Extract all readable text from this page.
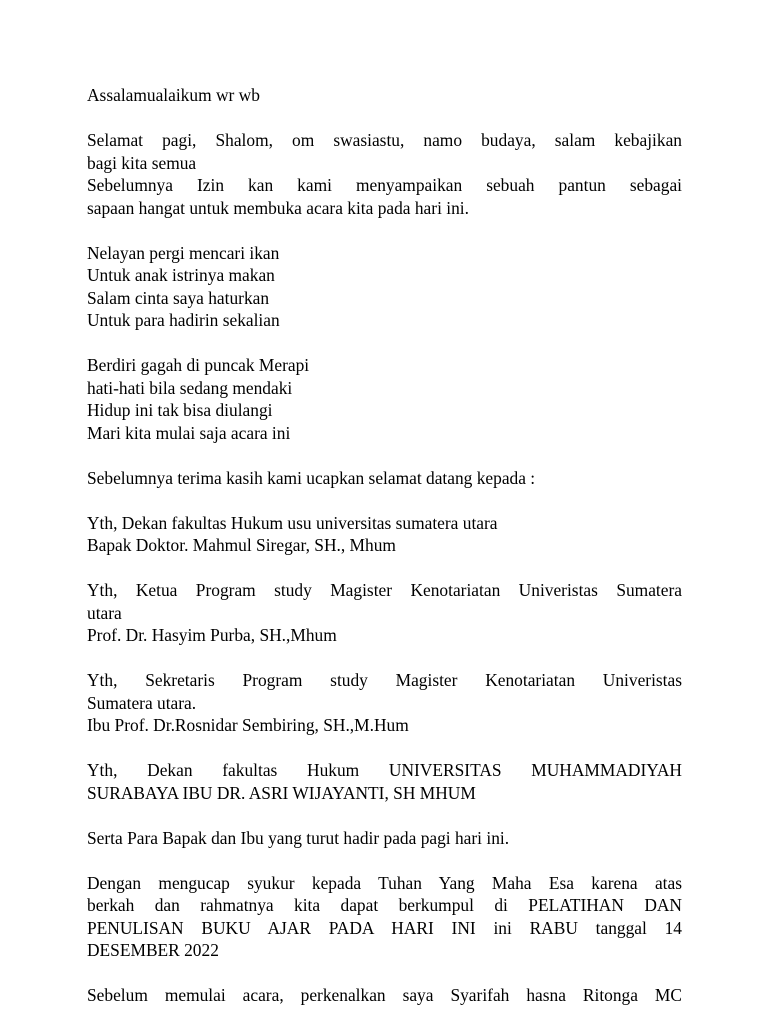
Assalamualaikum wr wb

Selamat pagi, Shalom, om swasiastu, namo budaya, salam kebajikan
bagi kita semua
Sebelumnya Izin kan kami menyampaikan sebuah pantun sebagai
sapaan hangat untuk membuka acara kita pada hari ini.

Nelayan pergi mencari ikan
Untuk anak istrinya makan
Salam cinta saya haturkan
Untuk para hadirin sekalian

Berdiri gagah di puncak Merapi
hati-hati bila sedang mendaki
Hidup ini tak bisa diulangi
Mari kita mulai saja acara ini

Sebelumnya terima kasih kami ucapkan selamat datang kepada :

Yth, Dekan fakultas Hukum usu universitas sumatera utara
Bapak Doktor. Mahmul Siregar, SH., Mhum

Yth, Ketua Program study Magister Kenotariatan Univeristas Sumatera
utara
Prof. Dr. Hasyim Purba, SH.,Mhum

Yth, Sekretaris Program study Magister Kenotariatan Univeristas
Sumatera utara.
Ibu Prof. Dr.Rosnidar Sembiring, SH.,M.Hum

Yth, Dekan fakultas Hukum UNIVERSITAS MUHAMMADIYAH
SURABAYA IBU DR. ASRI WIJAYANTI, SH MHUM

Serta Para Bapak dan Ibu yang turut hadir pada pagi hari ini.

Dengan mengucap syukur kepada Tuhan Yang Maha Esa karena atas
berkah dan rahmatnya kita dapat berkumpul di PELATIHAN DAN
PENULISAN BUKU AJAR PADA HARI INI ini RABU tanggal 14
DESEMBER 2022

Sebelum memulai acara, perkenalkan saya Syarifah hasna Ritonga MC
